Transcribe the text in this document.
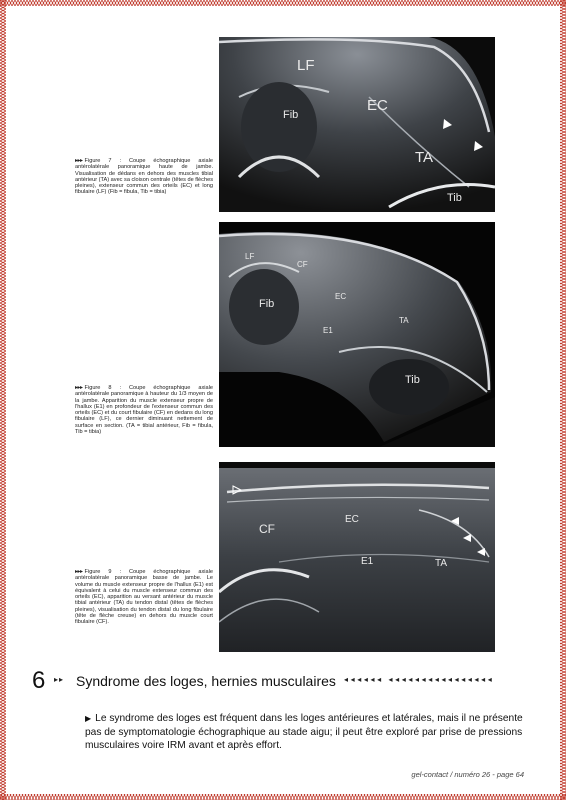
LF
Fib
EC
TA
Tib
▸▸▸ Figure 7 : Coupe échographique axiale antérolatérale panoramique haute de jambe. Visualisation de dédans en dehors des muscles tibial antérieur (TA) avec sa cloison centrale (têtes de flèches pleines), extenseur commun des orteils (EC) et long fibulaire (LF) (Fib = fibula, Tib = tibia)
LF
CF
Fib
EC
TA
E1
Tib
▸▸▸ Figure 8 : Coupe échographique axiale antérolatérale panoramique à hauteur du 1/3 moyen de la jambe. Apparition du muscle extenseur propre de l'hallux (E1) en profondeur de l'extenseur commun des orteils (EC) et du court fibulaire (CF) en dedans du long fibulaire (LF), ce dernier diminuant nettement de surface en section. (TA = tibial antérieur, Fib = fibula, Tib = tibia)
CF
EC
E1	TA
▸▸▸ Figure 9 : Coupe échographique axiale antérolatérale panoramique basse de jambe. Le volume du muscle extenseur propre de l'hallux (E1) est équivalent à celui du muscle extenseur commun des orteils (EC), apparition au versant antérieur du muscle tibial antérieur (TA) du tendon distal (têtes de flèches pleines), visualisation du tendon distal du long fibulaire (tête de flèche creuse) en dehors du muscle court fibulaire (CF).
6 ▸▸ Syndrome des loges, hernies musculaires ◂◂◂◂◂◂ ◂◂◂◂◂◂◂◂◂◂◂◂◂◂◂◂
▶ Le syndrome des loges est fréquent dans les loges antérieures et latérales, mais il ne présente pas de symptomatologie échographique au stade aigu; il peut être exploré par prise de pressions musculaires voire IRM avant et après effort.
gel-contact / numéro 26 - page 64
